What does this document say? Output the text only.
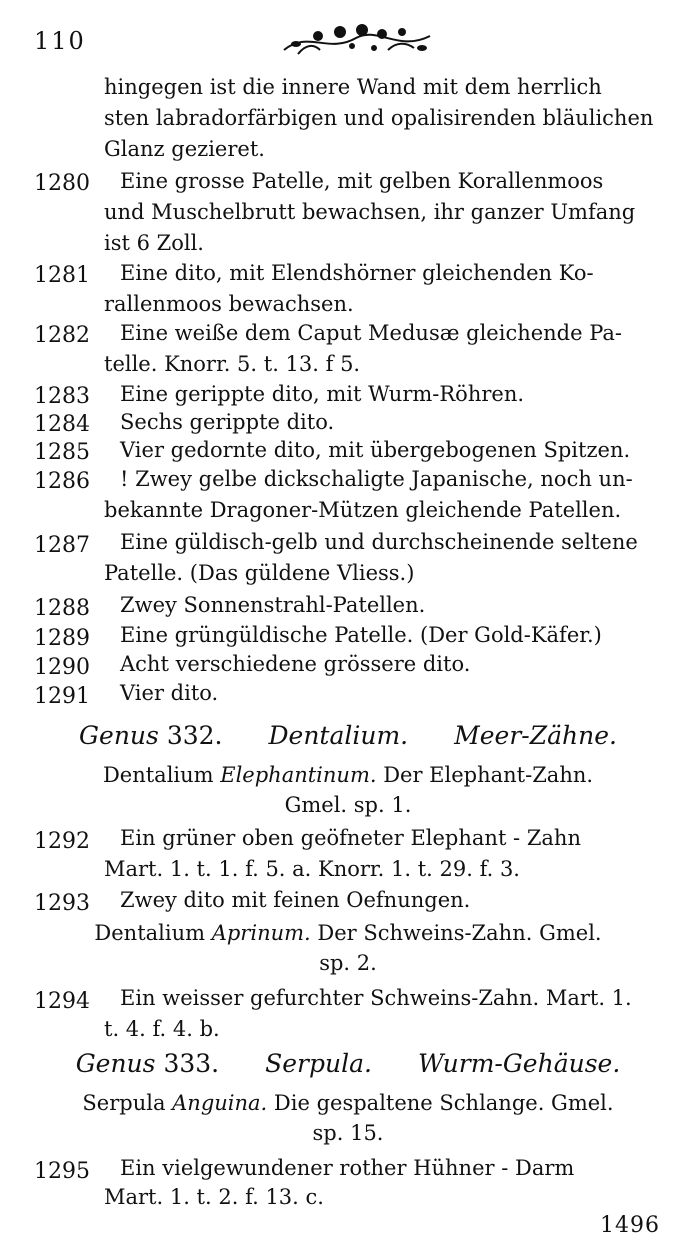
110
hingegen ist die innere Wand mit dem herrlich
sten labradorfärbigen und opalisirenden bläulichen
Glanz gezieret.
1280 Eine grosse Patelle, mit gelben Korallenmoos
und Muschelbrutt bewachsen, ihr ganzer Umfang
ist 6 Zoll.
1281 Eine dito, mit Elendshörner gleichenden Ko-
rallenmoos bewachsen.
1282 Eine weiße dem Caput Medusæ gleichende Pa-
telle. Knorr. 5. t. 13. f 5.
1283 Eine gerippte dito, mit Wurm-Röhren.
1284 Sechs gerippte dito.
1285 Vier gedornte dito, mit übergebogenen Spitzen.
1286 ! Zwey gelbe dickschaligte Japanische, noch un-
bekannte Dragoner-Mützen gleichende Patellen.
1287 Eine güldisch-gelb und durchscheinende seltene
Patelle. (Das güldene Vliess.)
1288 Zwey Sonnenstrahl-Patellen.
1289 Eine grüngüldische Patelle. (Der Gold-Käfer.)
1290 Acht verschiedene grössere dito.
1291 Vier dito.
Genus 332. Dentalium. Meer-Zähne.
Dentalium Elephantinum. Der Elephant-Zahn.
Gmel. sp. 1.
1292 Ein grüner oben geöfneter Elephant - Zahn
Mart. 1. t. 1. f. 5. a. Knorr. 1. t. 29. f. 3.
1293 Zwey dito mit feinen Oefnungen.
Dentalium Aprinum. Der Schweins-Zahn. Gmel.
sp. 2.
1294 Ein weisser gefurchter Schweins-Zahn. Mart. 1.
t. 4. f. 4. b.
Genus 333. Serpula. Wurm-Gehäuse.
Serpula Anguina. Die gespaltene Schlange. Gmel.
sp. 15.
1295 Ein vielgewundener rother Hühner - Darm
Mart. 1. t. 2. f. 13. c.
1496
